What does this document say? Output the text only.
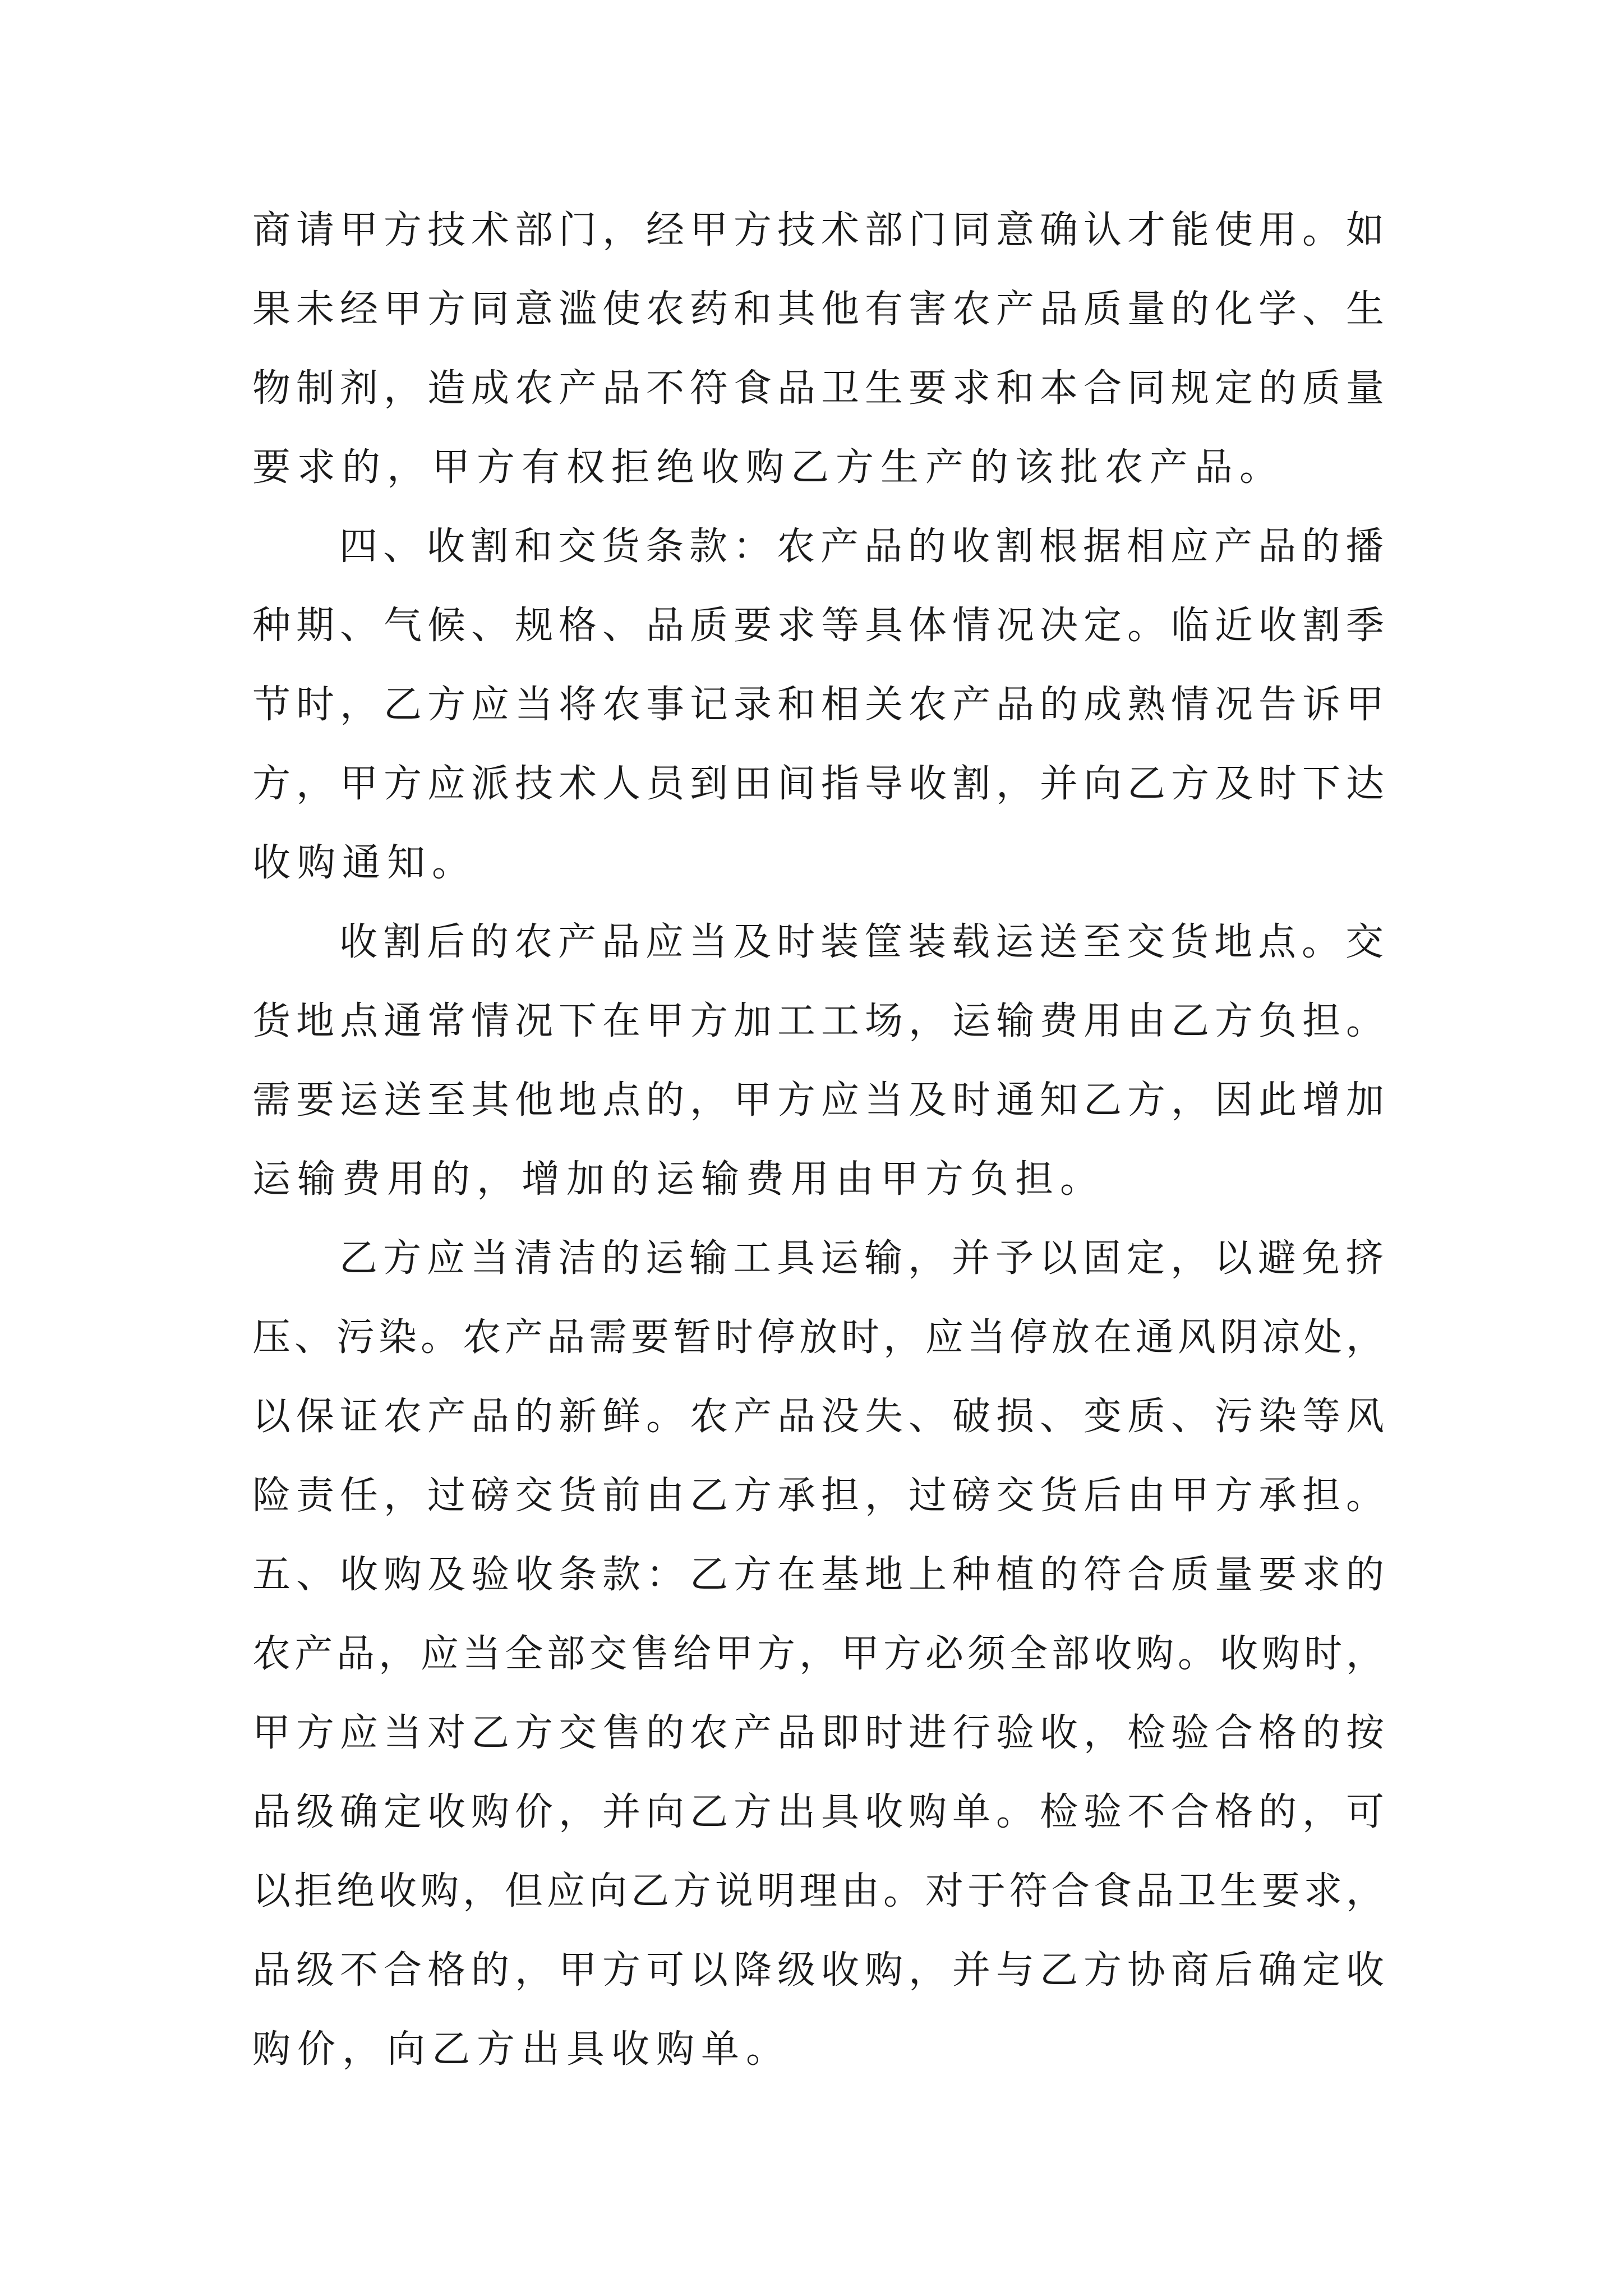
商请甲方技术部门，经甲方技术部门同意确认才能使用。如

果未经甲方同意滥使农药和其他有害农产品质量的化学、生

物制剂，造成农产品不符食品卫生要求和本合同规定的质量

要求的，甲方有权拒绝收购乙方生产的该批农产品。

四、收割和交货条款：农产品的收割根据相应产品的播

种期、气候、规格、品质要求等具体情况决定。临近收割季

节时，乙方应当将农事记录和相关农产品的成熟情况告诉甲

方，甲方应派技术人员到田间指导收割，并向乙方及时下达

收购通知。

收割后的农产品应当及时装筐装载运送至交货地点。交

货地点通常情况下在甲方加工工场，运输费用由乙方负担。

需要运送至其他地点的，甲方应当及时通知乙方，因此增加

运输费用的，增加的运输费用由甲方负担。

乙方应当清洁的运输工具运输，并予以固定，以避免挤

压、污染。农产品需要暂时停放时，应当停放在通风阴凉处，

以保证农产品的新鲜。农产品没失、破损、变质、污染等风

险责任，过磅交货前由乙方承担，过磅交货后由甲方承担。

五、收购及验收条款：乙方在基地上种植的符合质量要求的

农产品，应当全部交售给甲方，甲方必须全部收购。收购时，

甲方应当对乙方交售的农产品即时进行验收，检验合格的按

品级确定收购价，并向乙方出具收购单。检验不合格的，可

以拒绝收购，但应向乙方说明理由。对于符合食品卫生要求，

品级不合格的，甲方可以降级收购，并与乙方协商后确定收

购价，向乙方出具收购单。
